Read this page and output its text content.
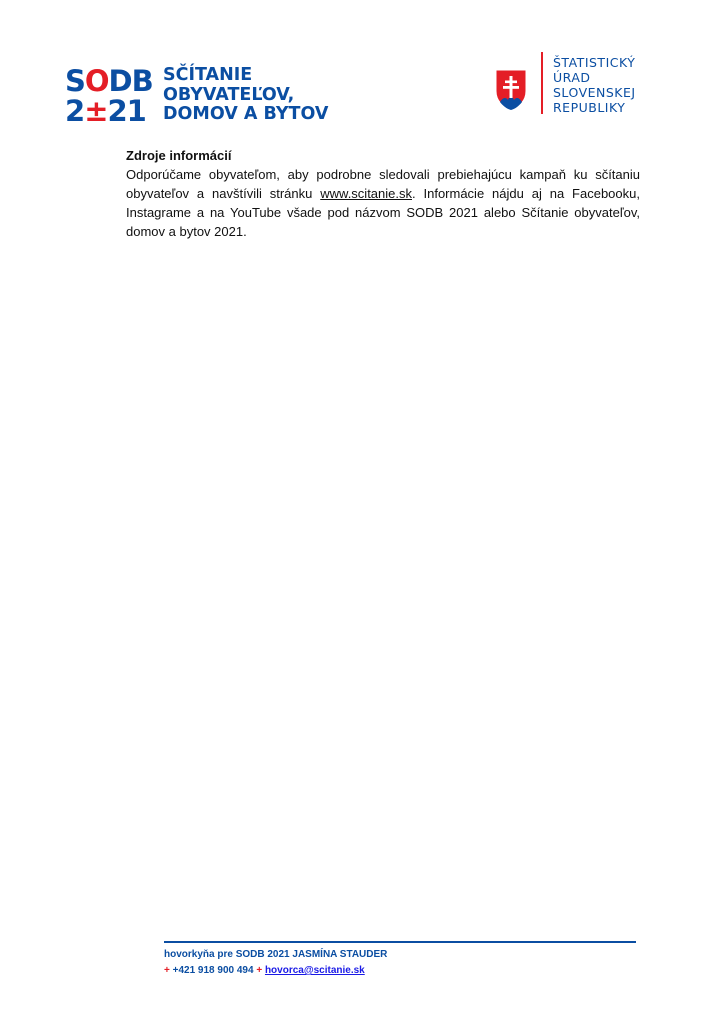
SODB
2±21
SČÍTANIE
OBYVATEĽOV,
DOMOV A BYTOV
ŠTATISTICKÝ
ÚRAD
SLOVENSKEJ
REPUBLIKY
Zdroje informácií
Odporúčame obyvateľom, aby podrobne sledovali prebiehajúcu kampaň ku sčítaniu obyvateľov a navštívili stránku www.scitanie.sk. Informácie nájdu aj na Facebooku, Instagrame a na YouTube všade pod názvom SODB 2021 alebo Sčítanie obyvateľov, domov a bytov 2021.
hovorkyňa pre SODB 2021 JASMÍNA STAUDER
+ +421 918 900 494 + hovorca@scitanie.sk
